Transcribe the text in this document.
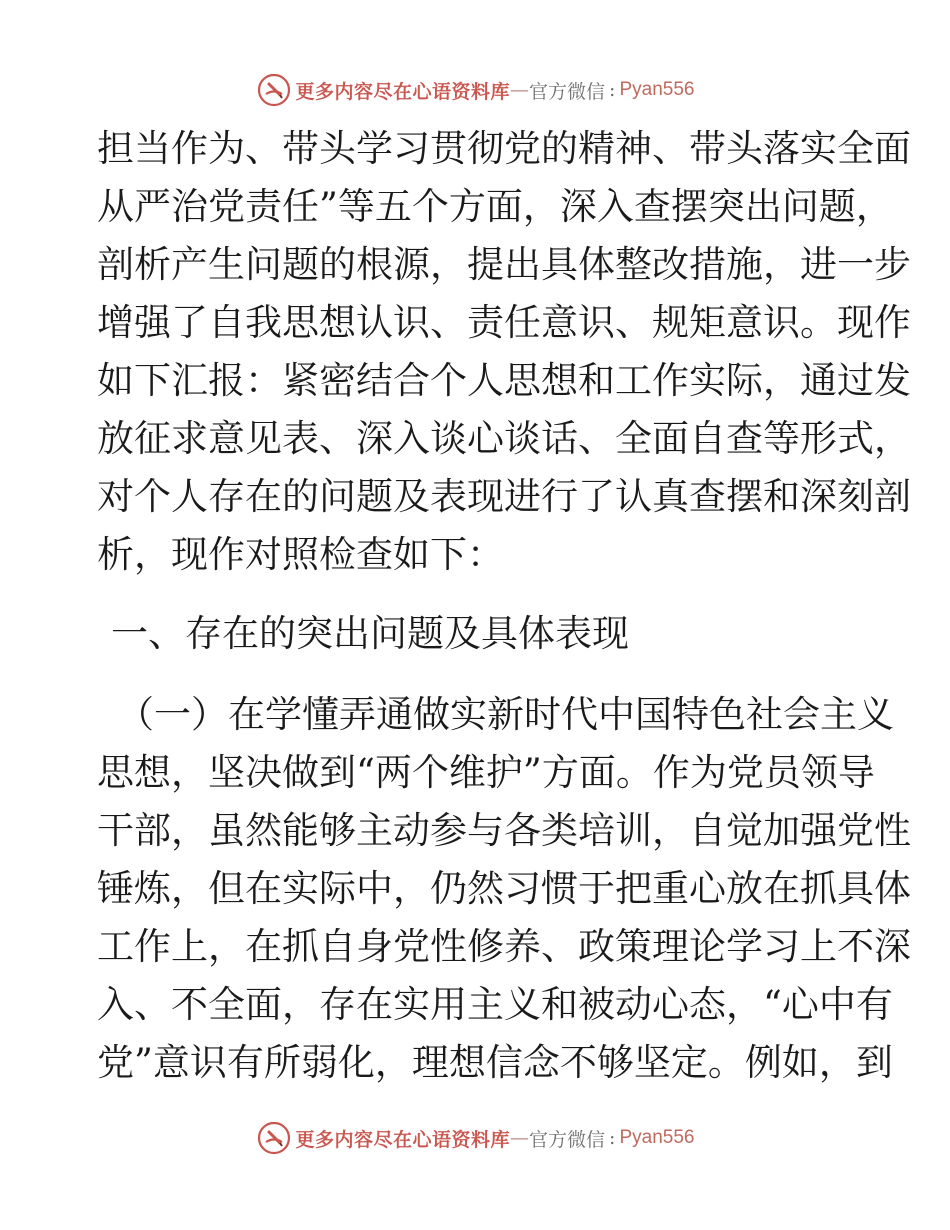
更多内容尽在心语资料库 — 官方微信 : Pyan556
担当作为、带头学习贯彻党的精神、带头落实全面
从严治党责任”等五个方面，深入查摆突出问题，
剖析产生问题的根源，提出具体整改措施，进一步
增强了自我思想认识、责任意识、规矩意识。现作
如下汇报：紧密结合个人思想和工作实际，通过发
放征求意见表、深入谈心谈话、全面自查等形式，
对个人存在的问题及表现进行了认真查摆和深刻剖
析，现作对照检查如下：
一、存在的突出问题及具体表现
（一）在学懂弄通做实新时代中国特色社会主义
思想，坚决做到“两个维护”方面。作为党员领导
干部，虽然能够主动参与各类培训，自觉加强党性
锤炼，但在实际中，仍然习惯于把重心放在抓具体
工作上，在抓自身党性修养、政策理论学习上不深
入、不全面，存在实用主义和被动心态，“心中有
党”意识有所弱化，理想信念不够坚定。例如，到
更多内容尽在心语资料库 — 官方微信 : Pyan556
